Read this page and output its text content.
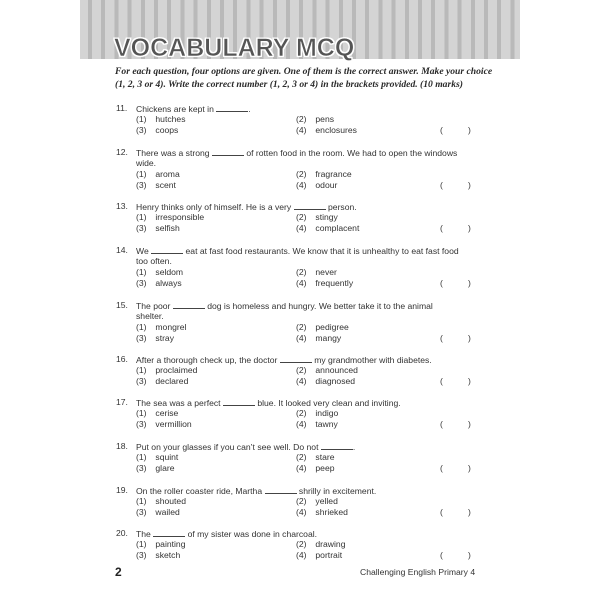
VOCABULARY MCQ

For each question, four options are given. One of them is the correct answer. Make your choice (1, 2, 3 or 4). Write the correct number (1, 2, 3 or 4) in the brackets provided. (10 marks)

11. Chickens are kept in	.
(1) hutches	(2) pens
(3) coops	(4) enclosures	(	)
12. There was a strong	of rotten food in the room. We had to open the windows
wide.
(1) aroma	(2) fragrance
(3) scent	(4) odour	(	)
13. Henry thinks only of himself. He is a very	person.
(1) irresponsible	(2) stingy
(3) selfish	(4) complacent	(	)
14. We	eat at fast food restaurants. We know that it is unhealthy to eat fast food
too often.
(1) seldom	(2) never
(3) always	(4) frequently	(	)
15. The poor	dog is homeless and hungry. We better take it to the animal
shelter.
(1) mongrel	(2) pedigree
(3) stray	(4) mangy	(	)
16. After a thorough check up, the doctor	my grandmother with diabetes.
(1) proclaimed	(2) announced
(3) declared	(4) diagnosed	(	)
17. The sea was a perfect	blue. It looked very clean and inviting.
(1) cerise	(2) indigo
(3) vermillion	(4) tawny	(	)
18. Put on your glasses if you can’t see well. Do not	.
(1) squint	(2) stare
(3) glare	(4) peep	(	)
19. On the roller coaster ride, Martha	shrilly in excitement.
(1) shouted	(2) yelled
(3) wailed	(4) shrieked	(	)
20. The	of my sister was done in charcoal.
(1) painting	(2) drawing
(3) sketch	(4) portrait	(	)
2	Challenging English Primary 4
